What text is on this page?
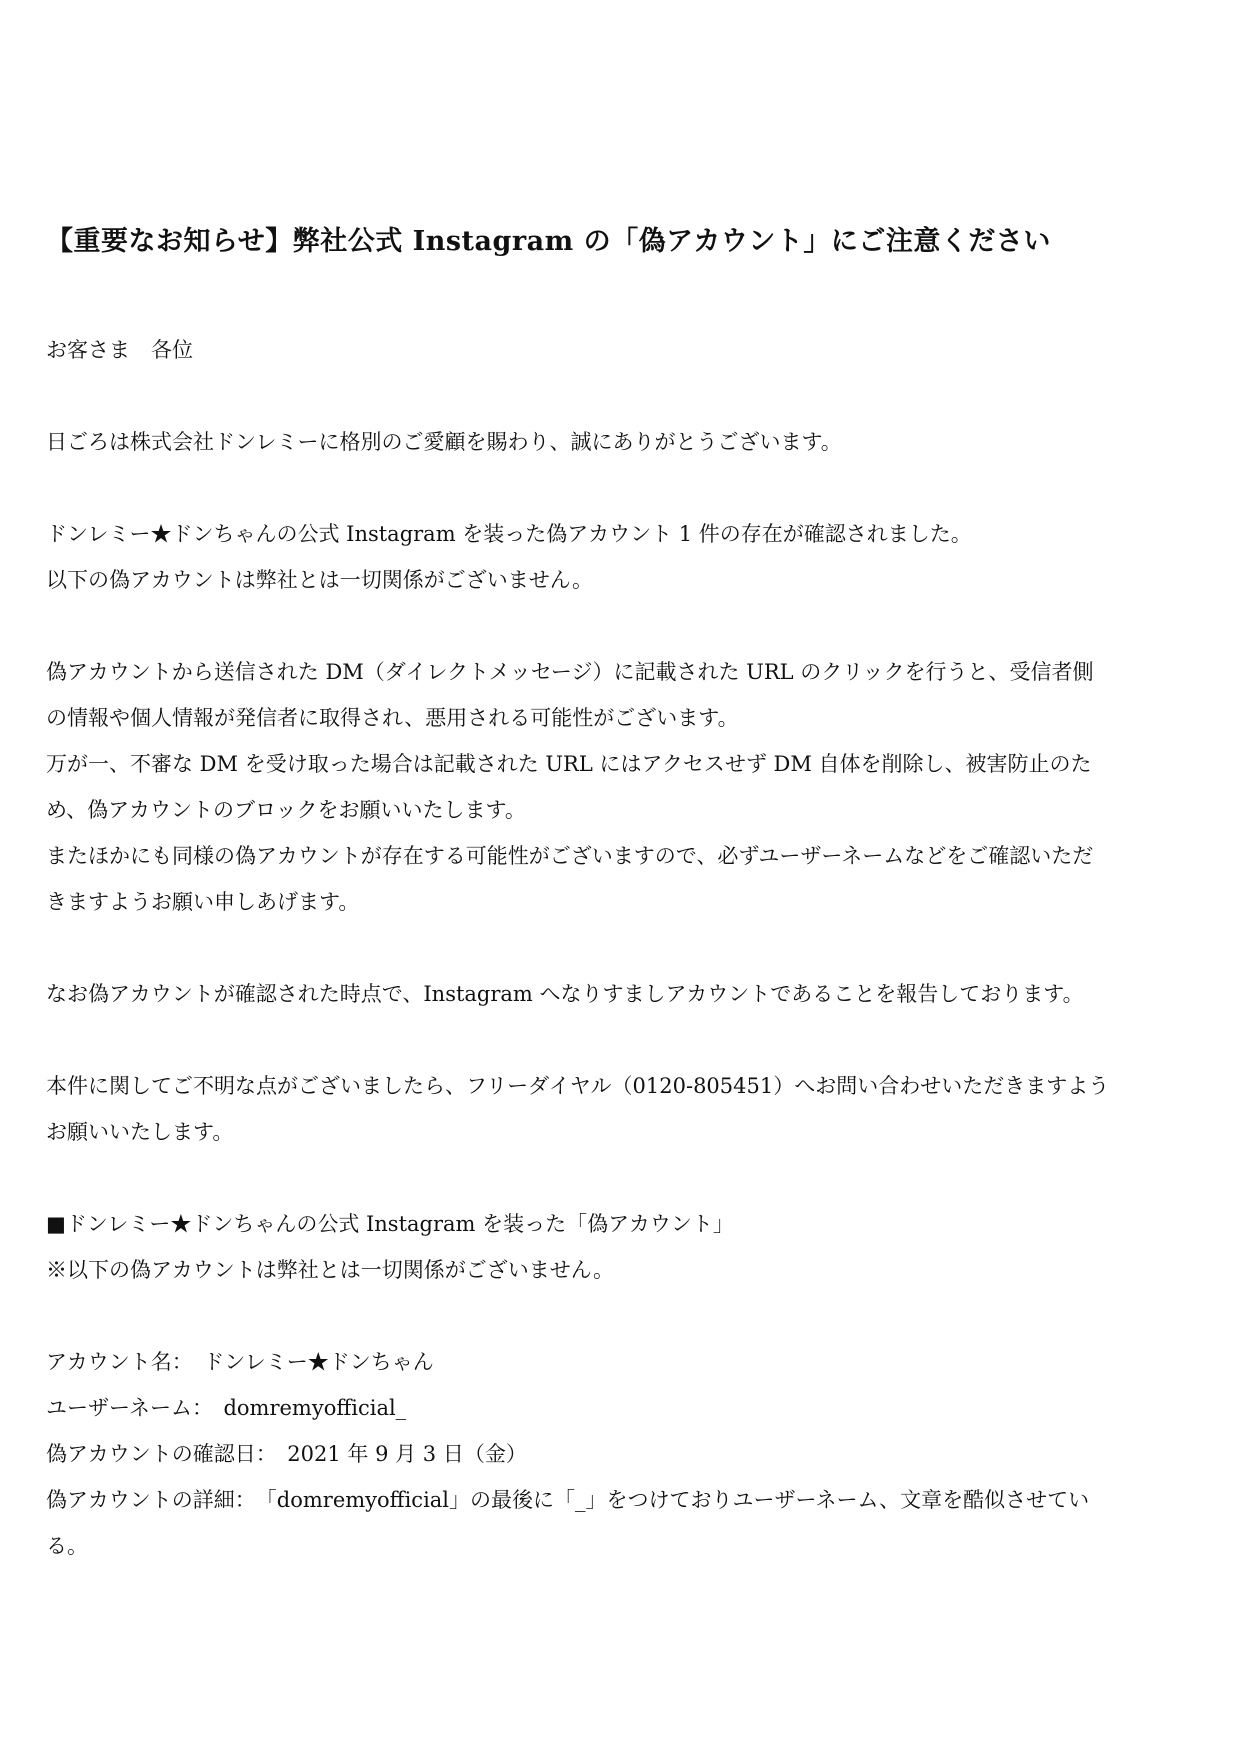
【重要なお知らせ】弊社公式 Instagram の「偽アカウント」にご注意ください

お客さま　各位

日ごろは株式会社ドンレミーに格別のご愛顧を賜わり、誠にありがとうございます。

ドンレミー★ドンちゃんの公式 Instagram を装った偽アカウント 1 件の存在が確認されました。

以下の偽アカウントは弊社とは一切関係がございません。

偽アカウントから送信された DM（ダイレクトメッセージ）に記載された URL のクリックを行うと、受信者側

の情報や個人情報が発信者に取得され、悪用される可能性がございます。

万が一、不審な DM を受け取った場合は記載された URL にはアクセスせず DM 自体を削除し、被害防止のた

め、偽アカウントのブロックをお願いいたします。

またほかにも同様の偽アカウントが存在する可能性がございますので、必ずユーザーネームなどをご確認いただ

きますようお願い申しあげます。

なお偽アカウントが確認された時点で、Instagram へなりすましアカウントであることを報告しております。

本件に関してご不明な点がございましたら、フリーダイヤル（0120-805451）へお問い合わせいただきますよう

お願いいたします。

■ドンレミー★ドンちゃんの公式 Instagram を装った「偽アカウント」

※以下の偽アカウントは弊社とは一切関係がございません。

アカウント名：　ドンレミー★ドンちゃん

ユーザーネーム：　domremyofficial_

偽アカウントの確認日：　2021 年 9 月 3 日（金）

偽アカウントの詳細：　「domremyofficial」の最後に「_」をつけておりユーザーネーム、文章を酷似させてい

る。
